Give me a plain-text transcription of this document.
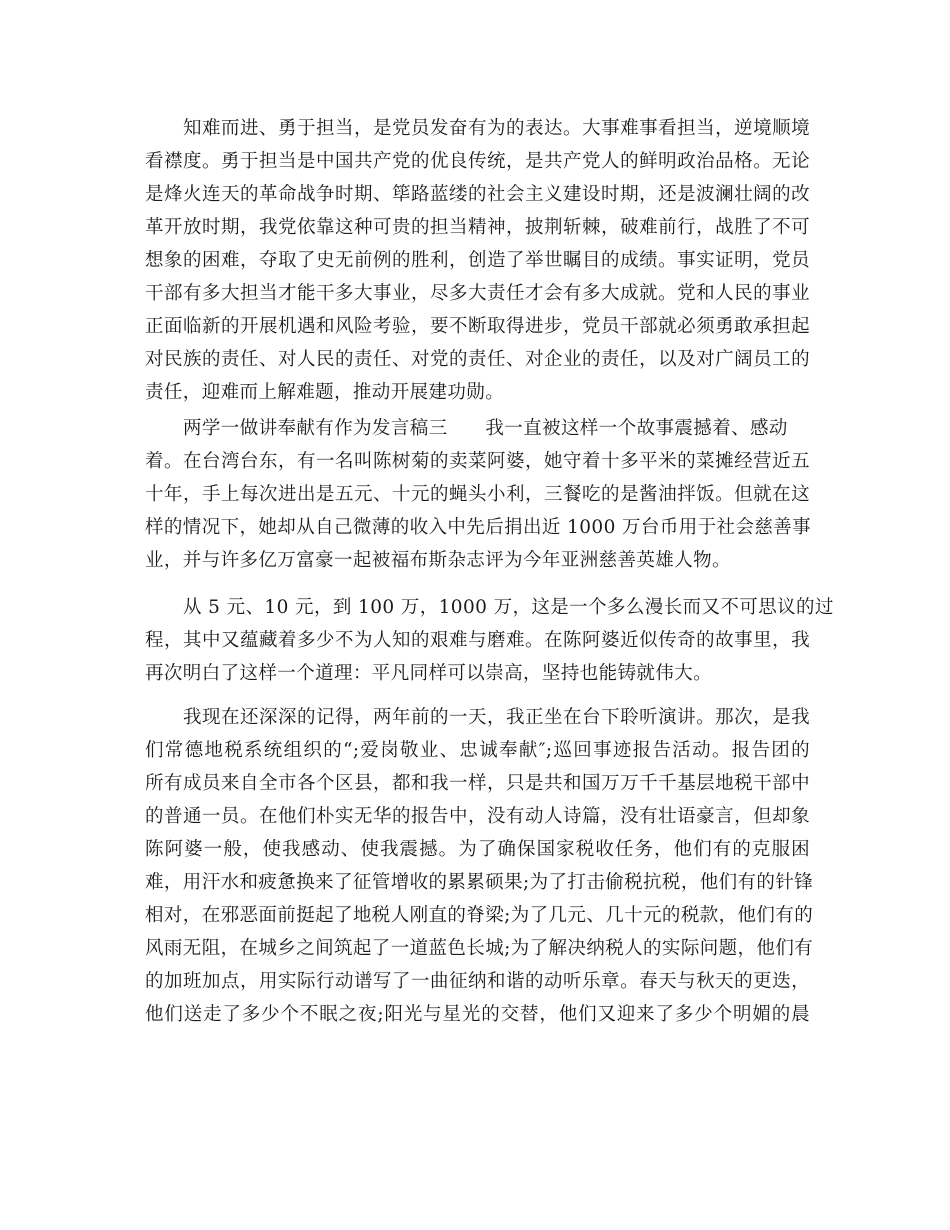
知难而进、勇于担当，是党员发奋有为的表达。大事难事看担当，逆境顺境

看襟度。勇于担当是中国共产党的优良传统，是共产党人的鲜明政治品格。无论

是烽火连天的革命战争时期、筚路蓝缕的社会主义建设时期，还是波澜壮阔的改

革开放时期，我党依靠这种可贵的担当精神，披荆斩棘，破难前行，战胜了不可

想象的困难，夺取了史无前例的胜利，创造了举世瞩目的成绩。事实证明，党员

干部有多大担当才能干多大事业，尽多大责任才会有多大成就。党和人民的事业

正面临新的开展机遇和风险考验，要不断取得进步，党员干部就必须勇敢承担起

对民族的责任、对人民的责任、对党的责任、对企业的责任，以及对广阔员工的

责任，迎难而上解难题，推动开展建功勋。

两学一做讲奉献有作为发言稿三　　我一直被这样一个故事震撼着、感动

着。在台湾台东，有一名叫陈树菊的卖菜阿婆，她守着十多平米的菜摊经营近五

十年，手上每次进出是五元、十元的蝇头小利，三餐吃的是酱油拌饭。但就在这

样的情况下，她却从自己微薄的收入中先后捐出近 1000 万台币用于社会慈善事

业，并与许多亿万富豪一起被福布斯杂志评为今年亚洲慈善英雄人物。

从 5 元、10 元，到 100 万，1000 万，这是一个多么漫长而又不可思议的过

程，其中又蕴藏着多少不为人知的艰难与磨难。在陈阿婆近似传奇的故事里，我

再次明白了这样一个道理：平凡同样可以崇高，坚持也能铸就伟大。

我现在还深深的记得，两年前的一天，我正坐在台下聆听演讲。那次，是我

们常德地税系统组织的“;爱岗敬业、忠诚奉献″;巡回事迹报告活动。报告团的

所有成员来自全市各个区县，都和我一样，只是共和国万万千千基层地税干部中

的普通一员。在他们朴实无华的报告中，没有动人诗篇，没有壮语豪言，但却象

陈阿婆一般，使我感动、使我震撼。为了确保国家税收任务，他们有的克服困

难，用汗水和疲惫换来了征管增收的累累硕果;为了打击偷税抗税，他们有的针锋

相对，在邪恶面前挺起了地税人刚直的脊梁;为了几元、几十元的税款，他们有的

风雨无阻，在城乡之间筑起了一道蓝色长城;为了解决纳税人的实际问题，他们有

的加班加点，用实际行动谱写了一曲征纳和谐的动听乐章。春天与秋天的更迭，

他们送走了多少个不眠之夜;阳光与星光的交替，他们又迎来了多少个明媚的晨
